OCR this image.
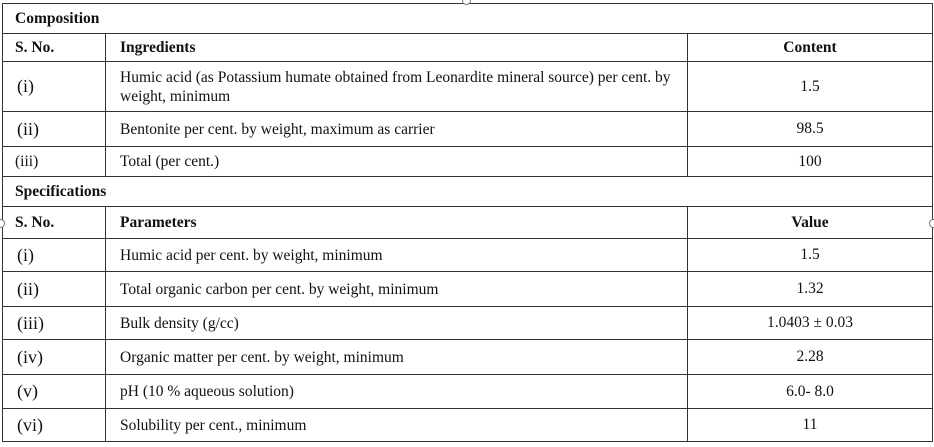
Composition		
S. No.	Ingredients	Content
(i)	Humic acid (as Potassium humate obtained from Leonardite mineral source) per cent. by weight, minimum	1.5
(ii)	Bentonite per cent. by weight, maximum as carrier	98.5
(iii)	Total (per cent.)	100
Specifications		
S. No.	Parameters	Value
(i)	Humic acid per cent. by weight, minimum	1.5
(ii)	Total organic carbon per cent. by weight, minimum	1.32
(iii)	Bulk density (g/cc)	1.0403 ± 0.03
(iv)	Organic matter per cent. by weight, minimum	2.28
(v)	pH (10 % aqueous solution)	6.0- 8.0
(vi)	Solubility per cent., minimum	11
